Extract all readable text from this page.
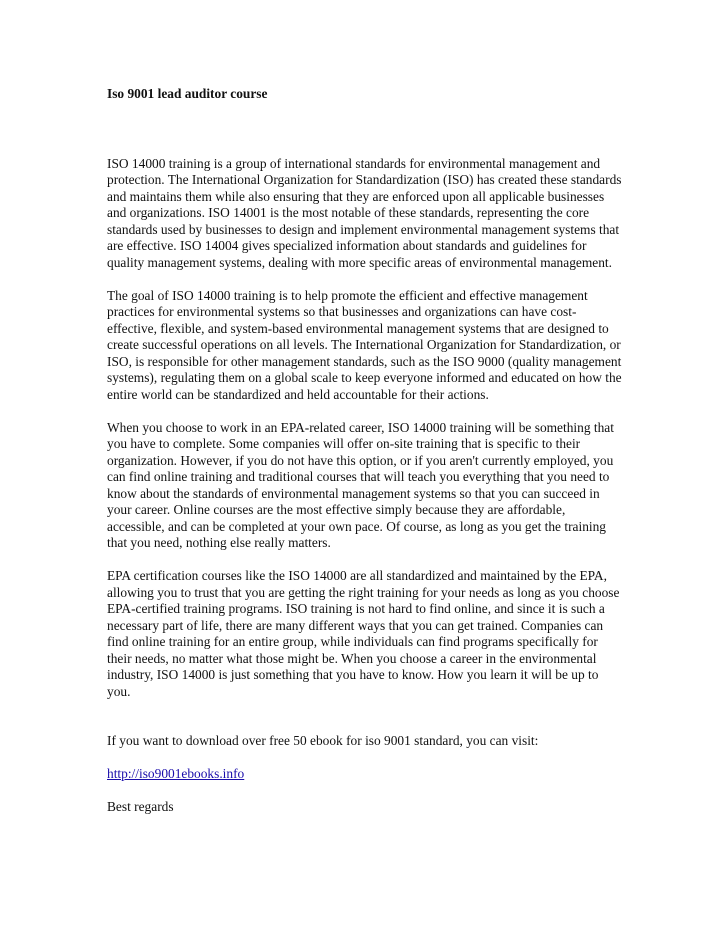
Iso 9001 lead auditor course

ISO 14000 training is a group of international standards for environmental management and protection. The International Organization for Standardization (ISO) has created these standards and maintains them while also ensuring that they are enforced upon all applicable businesses and organizations. ISO 14001 is the most notable of these standards, representing the core standards used by businesses to design and implement environmental management systems that are effective. ISO 14004 gives specialized information about standards and guidelines for quality management systems, dealing with more specific areas of environmental management.

The goal of ISO 14000 training is to help promote the efficient and effective management practices for environmental systems so that businesses and organizations can have cost-effective, flexible, and system-based environmental management systems that are designed to create successful operations on all levels. The International Organization for Standardization, or ISO, is responsible for other management standards, such as the ISO 9000 (quality management systems), regulating them on a global scale to keep everyone informed and educated on how the entire world can be standardized and held accountable for their actions.

When you choose to work in an EPA-related career, ISO 14000 training will be something that you have to complete. Some companies will offer on-site training that is specific to their organization. However, if you do not have this option, or if you aren't currently employed, you can find online training and traditional courses that will teach you everything that you need to know about the standards of environmental management systems so that you can succeed in your career. Online courses are the most effective simply because they are affordable, accessible, and can be completed at your own pace. Of course, as long as you get the training that you need, nothing else really matters.

EPA certification courses like the ISO 14000 are all standardized and maintained by the EPA, allowing you to trust that you are getting the right training for your needs as long as you choose EPA-certified training programs. ISO training is not hard to find online, and since it is such a necessary part of life, there are many different ways that you can get trained. Companies can find online training for an entire group, while individuals can find programs specifically for their needs, no matter what those might be. When you choose a career in the environmental industry, ISO 14000 is just something that you have to know. How you learn it will be up to you.

If you want to download over free 50 ebook for iso 9001 standard, you can visit:

http://iso9001ebooks.info

Best regards
